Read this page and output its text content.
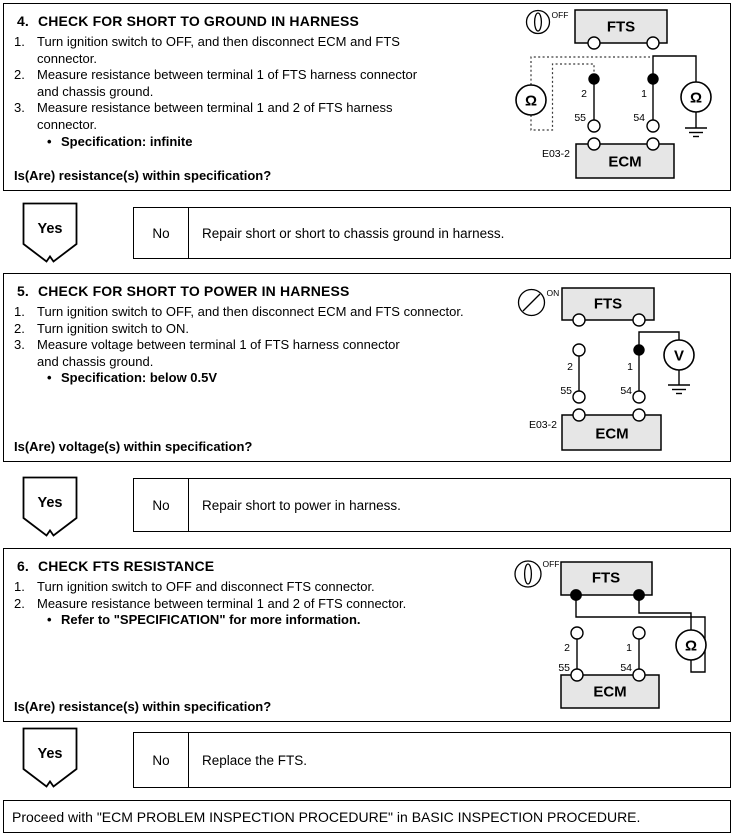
4. CHECK FOR SHORT TO GROUND IN HARNESS
1. Turn ignition switch to OFF, and then disconnect ECM and FTS
connector.
2. Measure resistance between terminal 1 of FTS harness connector
and chassis ground.
3. Measure resistance between terminal 1 and 2 of FTS harness
connector.
• Specification: infinite
Is(Are) resistance(s) within specification?
OFF
FTS
2	1
55	54
Ω	Ω
ECM
E03-2
Yes	No	Repair short or short to chassis ground in harness.
5. CHECK FOR SHORT TO POWER IN HARNESS
1. Turn ignition switch to OFF, and then disconnect ECM and FTS connector.
2. Turn ignition switch to ON.
3. Measure voltage between terminal 1 of FTS harness connector
and chassis ground.
• Specification: below 0.5V
Is(Are) voltage(s) within specification?
ON
FTS
2	1
55	54
V
ECM
E03-2
Yes	No	Repair short to power in harness.
6. CHECK FTS RESISTANCE
1. Turn ignition switch to OFF and disconnect FTS connector.
2. Measure resistance between terminal 1 and 2 of FTS connector.
• Refer to "SPECIFICATION" for more information.
Is(Are) resistance(s) within specification?
OFF
FTS
Ω
2	1
55	54
ECM
Yes	No	Replace the FTS.
Proceed with "ECM PROBLEM INSPECTION PROCEDURE" in BASIC INSPECTION PROCEDURE.
